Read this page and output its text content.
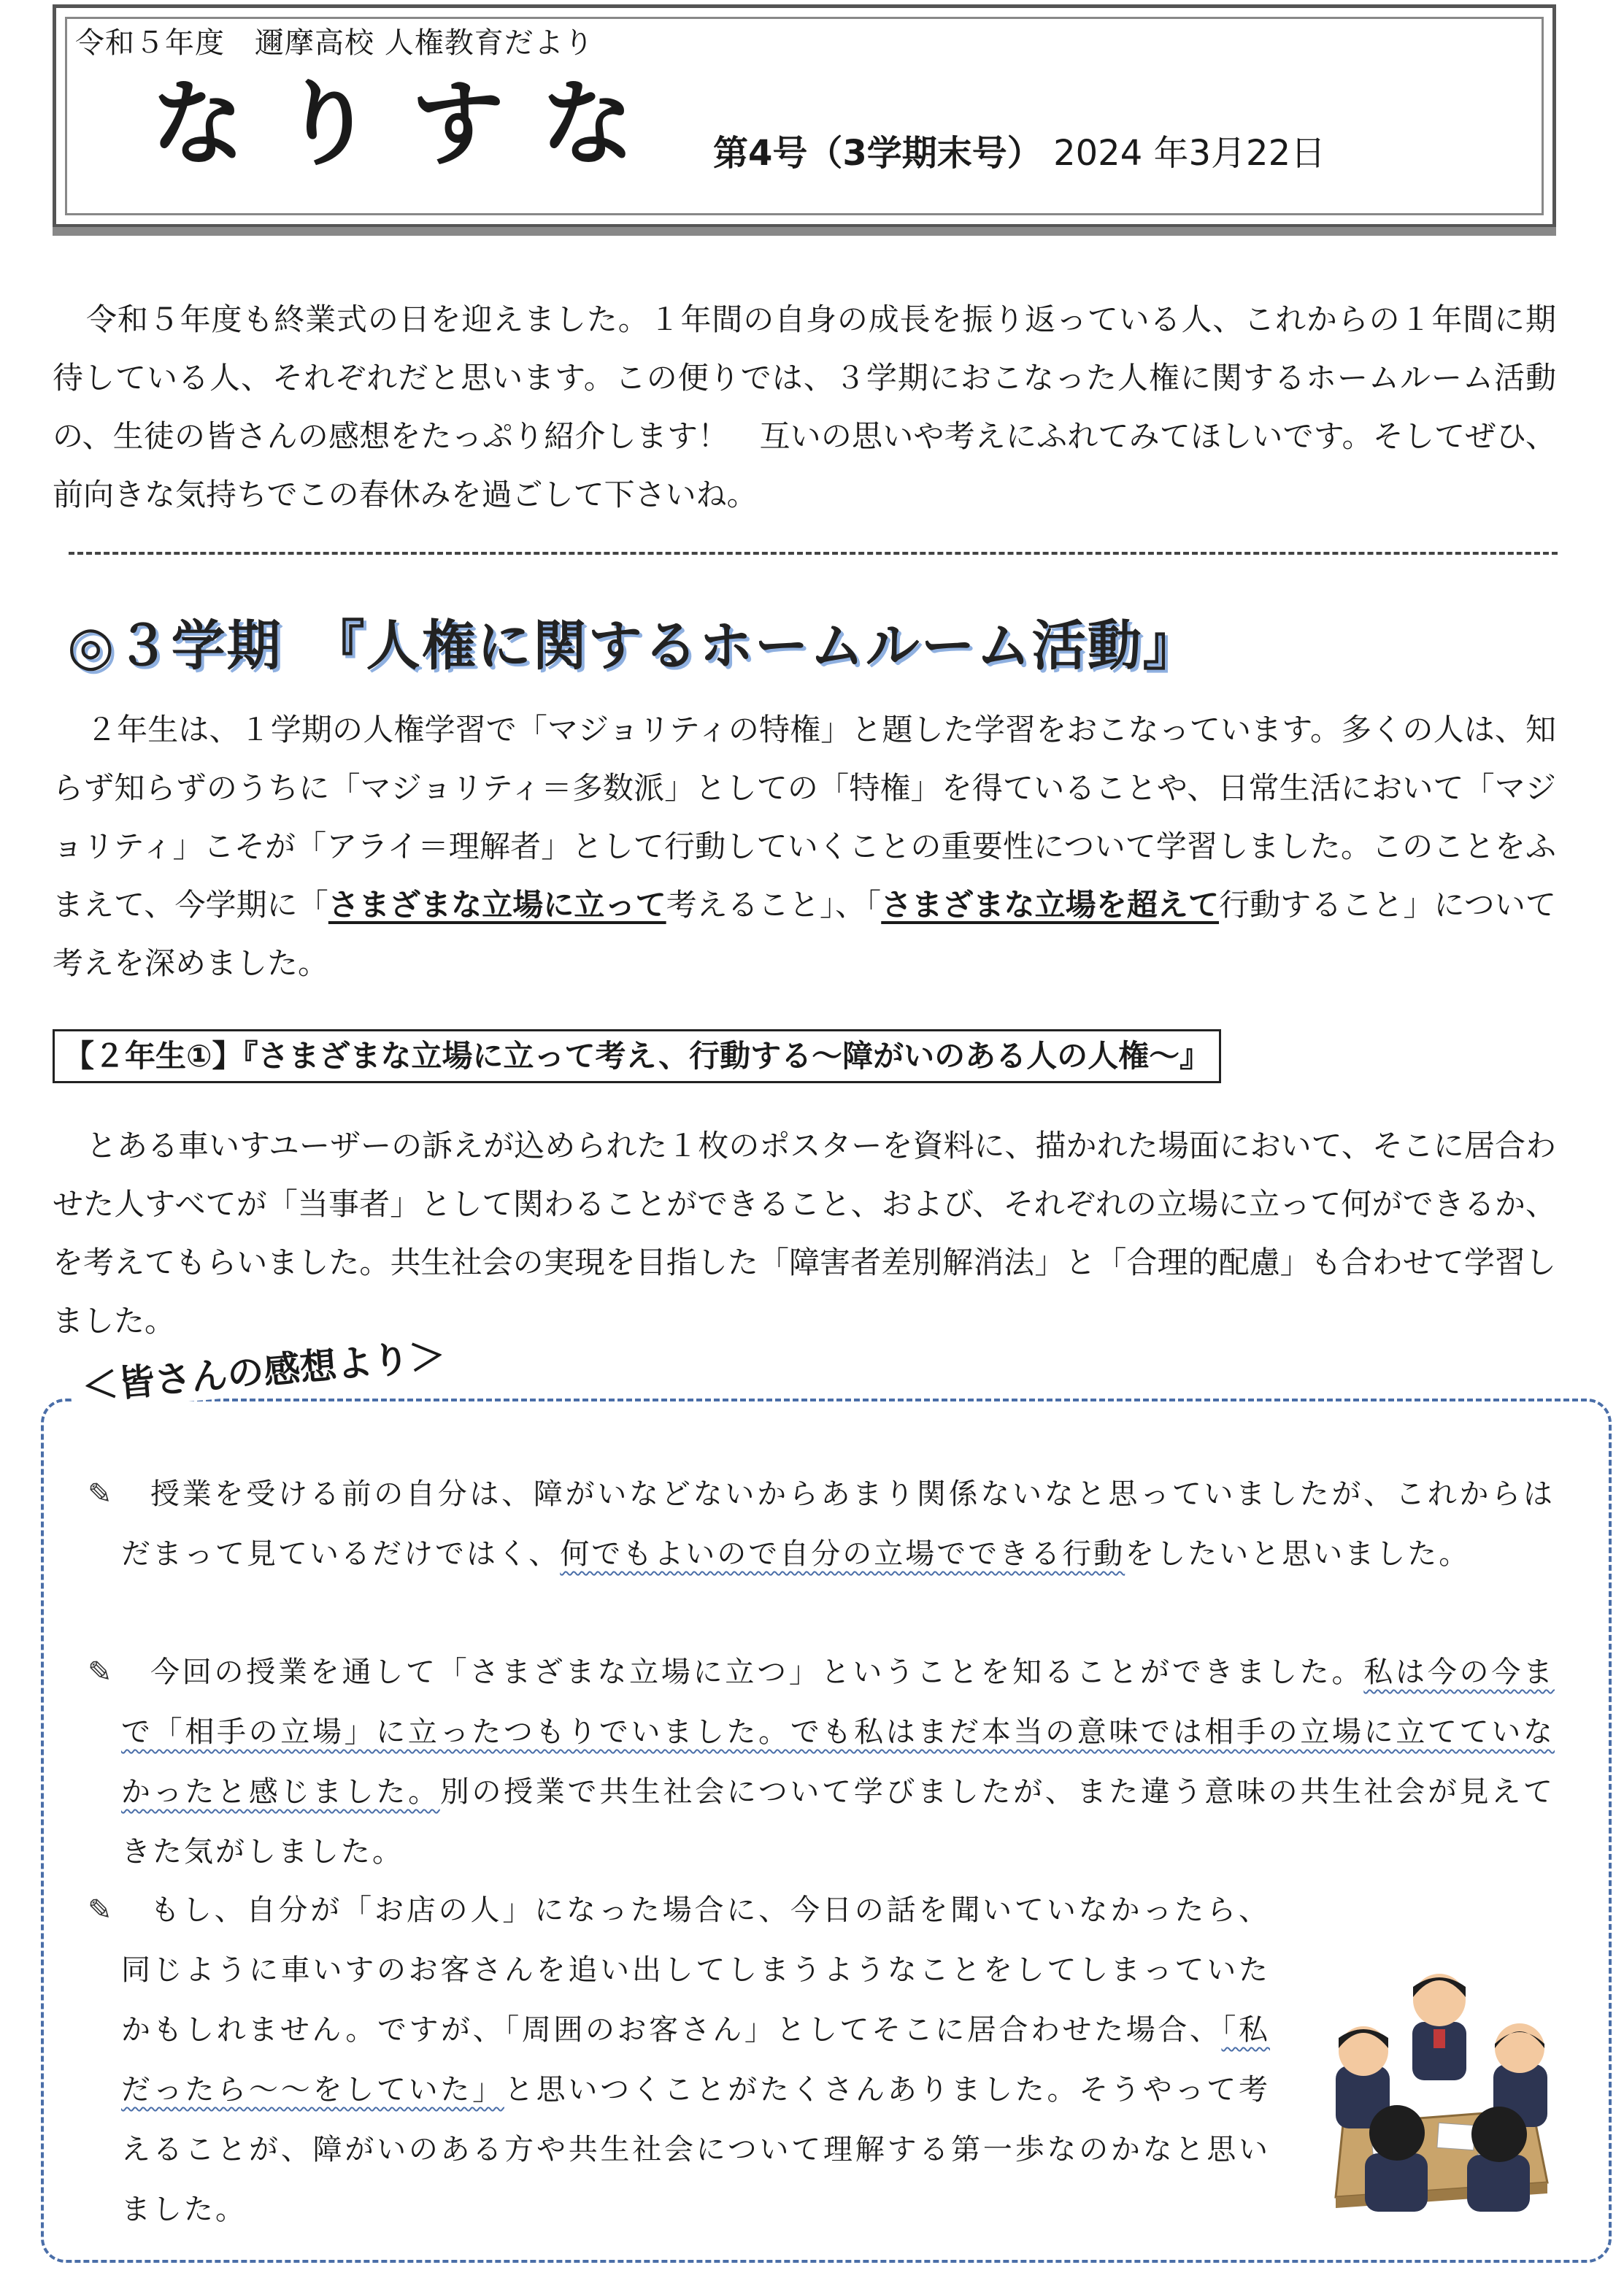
令和５年度　邇摩高校 人権教育だより
なりすな 第4号（3学期末号） 2024 年3月22日

令和５年度も終業式の日を迎えました。１年間の自身の成長を振り返っている人、これからの１年間に期待している人、それぞれだと思います。この便りでは、３学期におこなった人権に関するホームルーム活動の、生徒の皆さんの感想をたっぷり紹介します！　互いの思いや考えにふれてみてほしいです。そしてぜひ、前向きな気持ちでこの春休みを過ごして下さいね。

◎３学期　『人権に関するホームルーム活動』

２年生は、１学期の人権学習で「マジョリティの特権」と題した学習をおこなっています。多くの人は、知らず知らずのうちに「マジョリティ＝多数派」としての「特権」を得ていることや、日常生活において「マジョリティ」こそが「アライ＝理解者」として行動していくことの重要性について学習しました。このことをふまえて、今学期に「さまざまな立場に立って考えること」、「さまざまな立場を超えて行動すること」について考えを深めました。

【２年生①】『さまざまな立場に立って考え、行動する～障がいのある人の人権～』

とある車いすユーザーの訴えが込められた１枚のポスターを資料に、描かれた場面において、そこに居合わせた人すべてが「当事者」として関わることができること、および、それぞれの立場に立って何ができるか、を考えてもらいました。共生社会の実現を目指した「障害者差別解消法」と「合理的配慮」も合わせて学習しました。

＜皆さんの感想より＞
✎	授業を受ける前の自分は、障がいなどないからあまり関係ないなと思っていましたが、これからはだまって見ているだけではく、何でもよいので自分の立場でできる行動をしたいと思いました。
✎	今回の授業を通して「さまざまな立場に立つ」ということを知ることができました。私は今の今まで「相手の立場」に立ったつもりでいました。でも私はまだ本当の意味では相手の立場に立てていなかったと感じました。別の授業で共生社会について学びましたが、また違う意味の共生社会が見えてきた気がしました。
✎	もし、自分が「お店の人」になった場合に、今日の話を聞いていなかったら、同じように車いすのお客さんを追い出してしまうようなことをしてしまっていたかもしれません。ですが、「周囲のお客さん」としてそこに居合わせた場合、「私だったら～～をしていた」と思いつくことがたくさんありました。そうやって考えることが、障がいのある方や共生社会について理解する第一歩なのかなと思いました。
